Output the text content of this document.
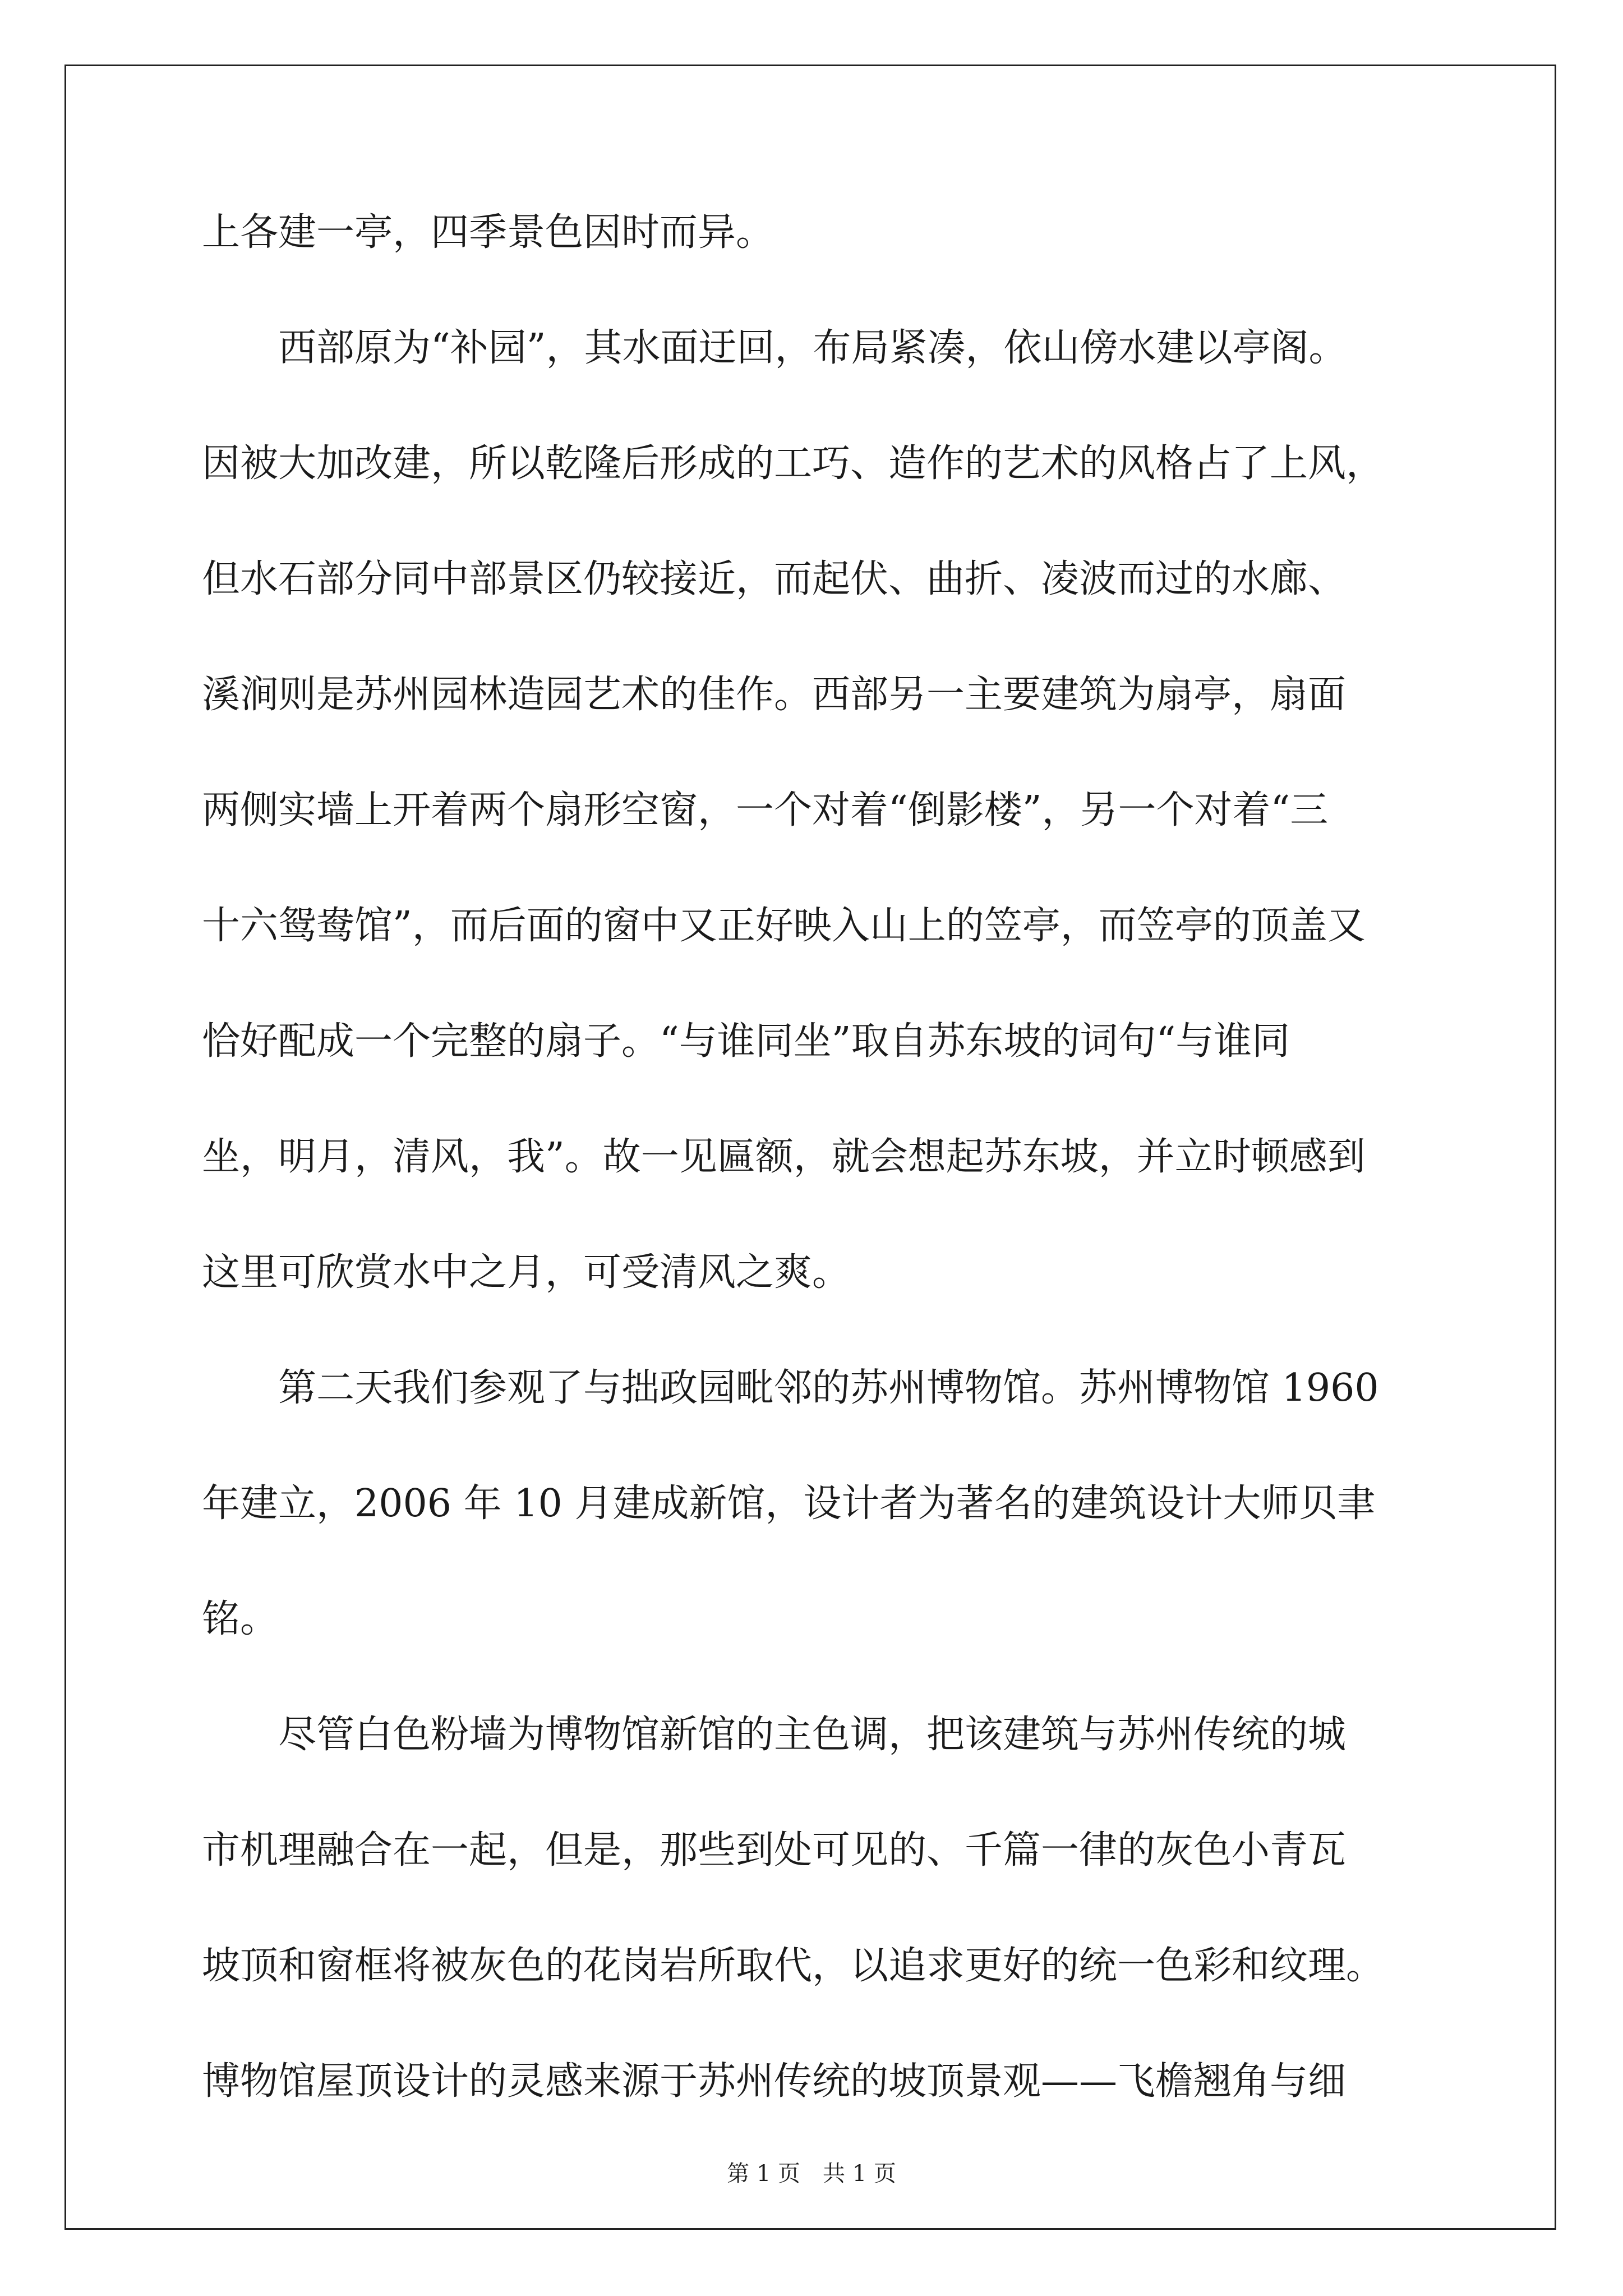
上各建一亭，四季景色因时而异。
　　西部原为“补园”，其水面迂回，布局紧凑，依山傍水建以亭阁。
因被大加改建，所以乾隆后形成的工巧、造作的艺术的风格占了上风，
但水石部分同中部景区仍较接近，而起伏、曲折、凌波而过的水廊、
溪涧则是苏州园林造园艺术的佳作。西部另一主要建筑为扇亭，扇面
两侧实墙上开着两个扇形空窗，一个对着“倒影楼”，另一个对着“三
十六鸳鸯馆”，而后面的窗中又正好映入山上的笠亭，而笠亭的顶盖又
恰好配成一个完整的扇子。“与谁同坐”取自苏东坡的词句“与谁同
坐，明月，清风，我”。故一见匾额，就会想起苏东坡，并立时顿感到
这里可欣赏水中之月，可受清风之爽。
　　第二天我们参观了与拙政园毗邻的苏州博物馆。苏州博物馆 1960
年建立，2006 年 10 月建成新馆，设计者为著名的建筑设计大师贝聿
铭。
　　尽管白色粉墙为博物馆新馆的主色调，把该建筑与苏州传统的城
市机理融合在一起，但是，那些到处可见的、千篇一律的灰色小青瓦
坡顶和窗框将被灰色的花岗岩所取代，以追求更好的统一色彩和纹理。
博物馆屋顶设计的灵感来源于苏州传统的坡顶景观——飞檐翘角与细
第 1 页　共 1 页
